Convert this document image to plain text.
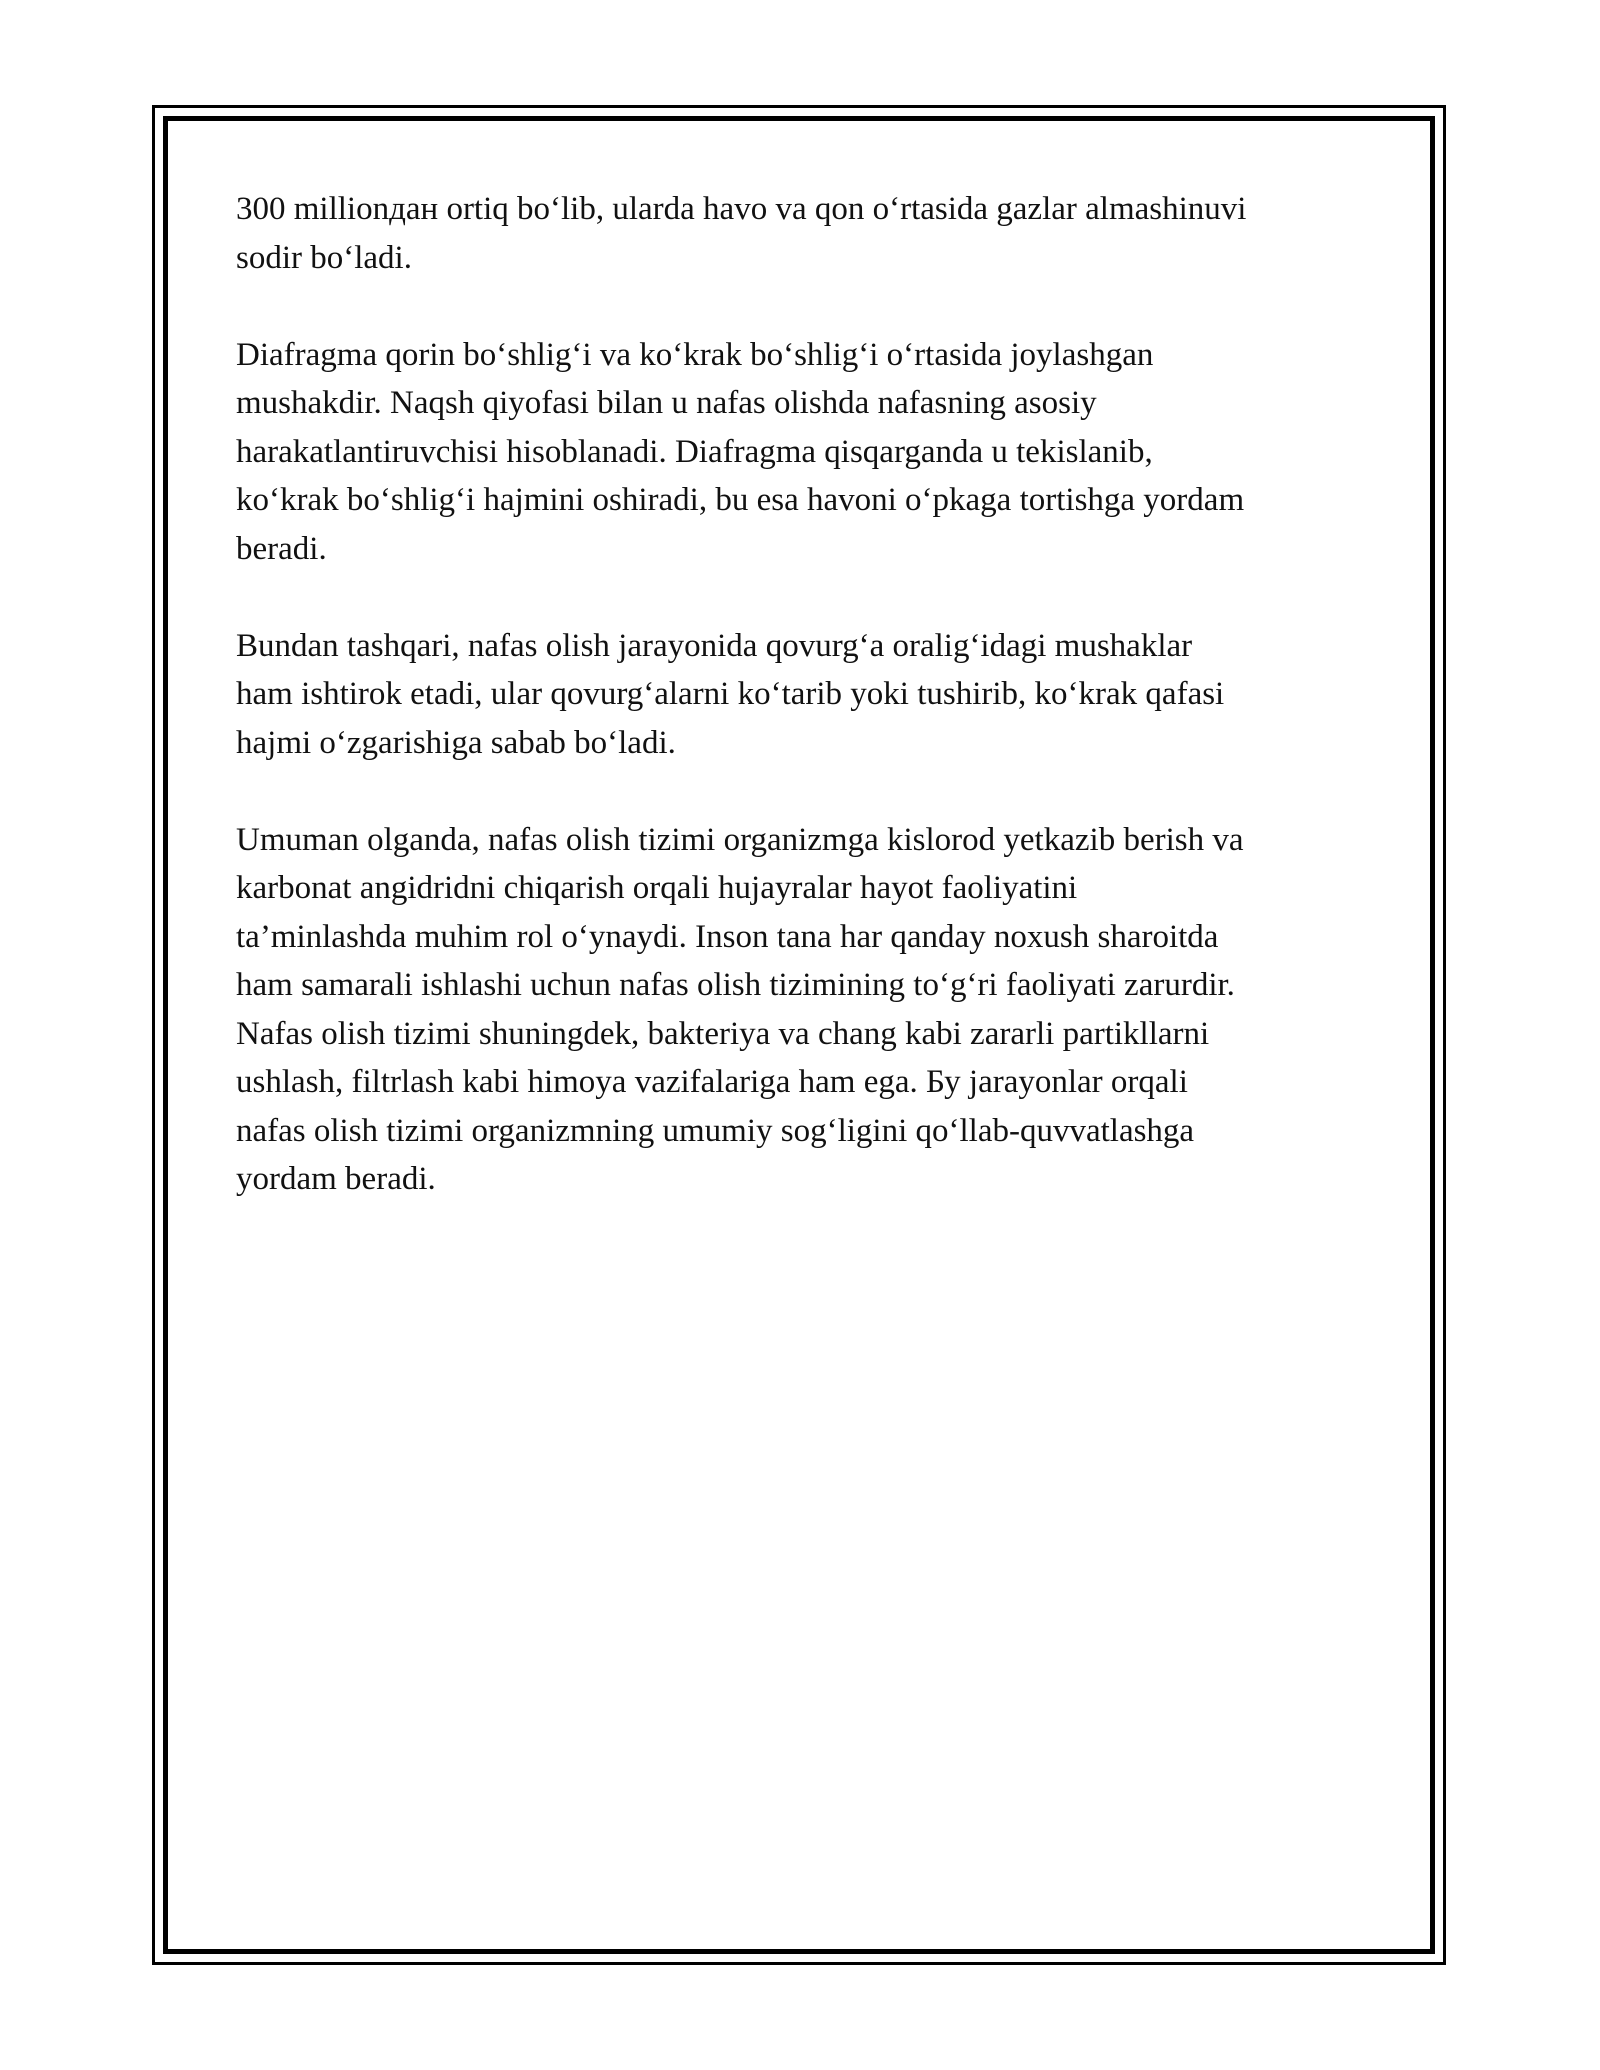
300 millionдан ortiq bo‘lib, ularda havo va qon o‘rtasida gazlar almashinuvi
sodir bo‘ladi.

Diafragma qorin bo‘shlig‘i va ko‘krak bo‘shlig‘i o‘rtasida joylashgan
mushakdir. Naqsh qiyofasi bilan u nafas olishda nafasning asosiy
harakatlantiruvchisi hisoblanadi. Diafragma qisqarganda u tekislanib,
ko‘krak bo‘shlig‘i hajmini oshiradi, bu esa havoni o‘pkaga tortishga yordam
beradi.

Bundan tashqari, nafas olish jarayonida qovurg‘a oralig‘idagi mushaklar
ham ishtirok etadi, ular qovurg‘alarni ko‘tarib yoki tushirib, ko‘krak qafasi
hajmi o‘zgarishiga sabab bo‘ladi.

Umuman olganda, nafas olish tizimi organizmga kislorod yetkazib berish va
karbonat angidridni chiqarish orqali hujayralar hayot faoliyatini
ta’minlashda muhim rol o‘ynaydi. Inson tana har qanday noxush sharoitda
ham samarali ishlashi uchun nafas olish tizimining to‘g‘ri faoliyati zarurdir.
Nafas olish tizimi shuningdek, bakteriya va chang kabi zararli partikllarni
ushlash, filtrlash kabi himoya vazifalariga ham ega. Бу jarayonlar orqali
nafas olish tizimi organizmning umumiy sog‘ligini qo‘llab-quvvatlashga
yordam beradi.
